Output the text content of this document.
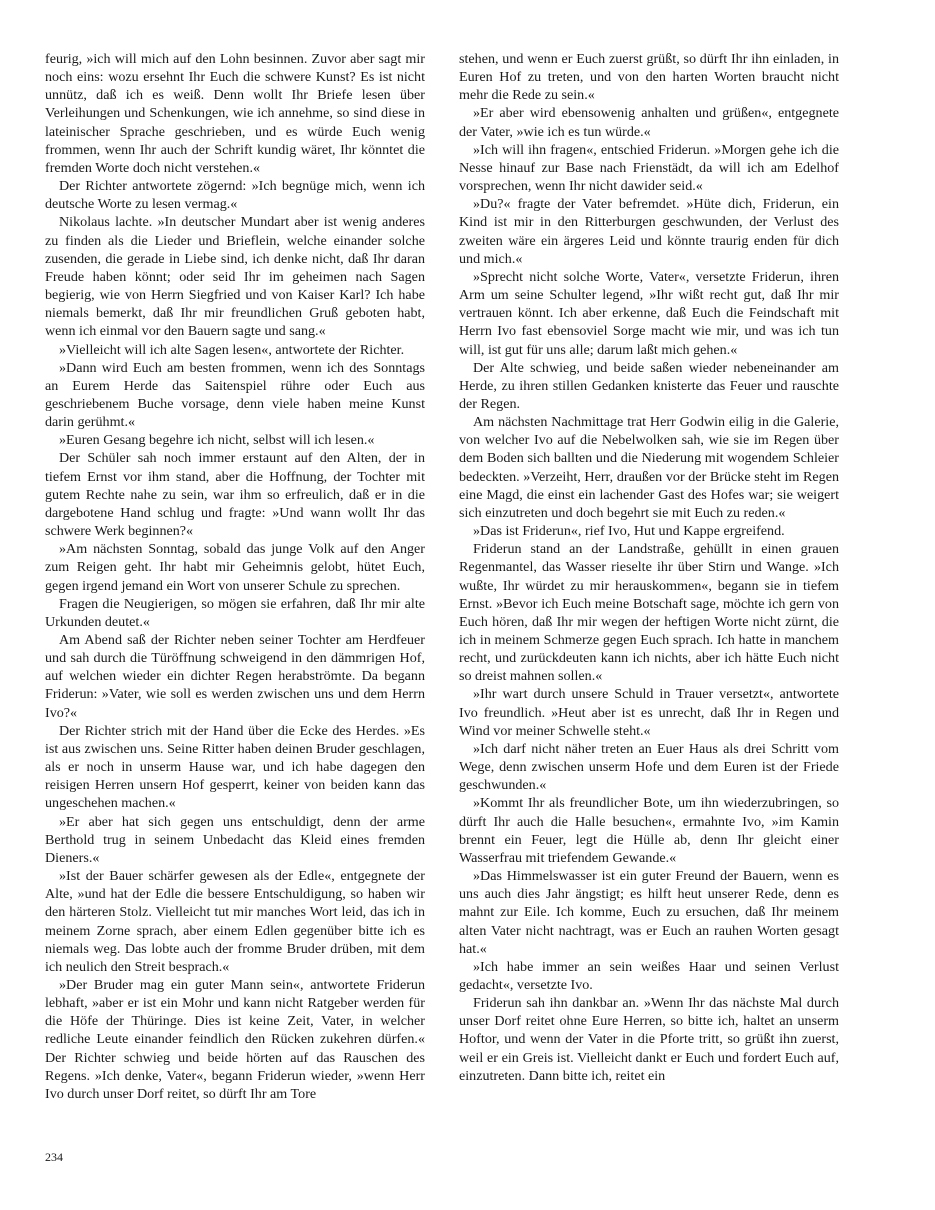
feurig, »ich will mich auf den Lohn besinnen. Zuvor aber sagt mir noch eins: wozu ersehnt Ihr Euch die schwere Kunst? Es ist nicht unnütz, daß ich es weiß. Denn wollt Ihr Briefe lesen über Verleihungen und Schenkungen, wie ich annehme, so sind diese in lateinischer Sprache geschrieben, und es würde Euch wenig frommen, wenn Ihr auch der Schrift kundig wäret, Ihr könntet die fremden Worte doch nicht verstehen.«

Der Richter antwortete zögernd: »Ich begnüge mich, wenn ich deutsche Worte zu lesen vermag.«

Nikolaus lachte. »In deutscher Mundart aber ist wenig anderes zu finden als die Lieder und Brieflein, welche einander solche zusenden, die gerade in Liebe sind, ich denke nicht, daß Ihr daran Freude haben könnt; oder seid Ihr im geheimen nach Sagen begierig, wie von Herrn Siegfried und von Kaiser Karl? Ich habe niemals bemerkt, daß Ihr mir freundlichen Gruß geboten habt, wenn ich einmal vor den Bauern sagte und sang.«

»Vielleicht will ich alte Sagen lesen«, antwortete der Richter.

»Dann wird Euch am besten frommen, wenn ich des Sonntags an Eurem Herde das Saitenspiel rühre oder Euch aus geschriebenem Buche vorsage, denn viele haben meine Kunst darin gerühmt.«

»Euren Gesang begehre ich nicht, selbst will ich lesen.«

Der Schüler sah noch immer erstaunt auf den Alten, der in tiefem Ernst vor ihm stand, aber die Hoffnung, der Tochter mit gutem Rechte nahe zu sein, war ihm so erfreulich, daß er in die dargebotene Hand schlug und fragte: »Und wann wollt Ihr das schwere Werk beginnen?«

»Am nächsten Sonntag, sobald das junge Volk auf den Anger zum Reigen geht. Ihr habt mir Geheimnis gelobt, hütet Euch, gegen irgend jemand ein Wort von unserer Schule zu sprechen.

Fragen die Neugierigen, so mögen sie erfahren, daß Ihr mir alte Urkunden deutet.«

Am Abend saß der Richter neben seiner Tochter am Herdfeuer und sah durch die Türöffnung schweigend in den dämmrigen Hof, auf welchen wieder ein dichter Regen herabströmte. Da begann Friderun: »Vater, wie soll es werden zwischen uns und dem Herrn Ivo?«

Der Richter strich mit der Hand über die Ecke des Herdes. »Es ist aus zwischen uns. Seine Ritter haben deinen Bruder geschlagen, als er noch in unserm Hause war, und ich habe dagegen den reisigen Herren unsern Hof gesperrt, keiner von beiden kann das ungeschehen machen.«

»Er aber hat sich gegen uns entschuldigt, denn der arme Berthold trug in seinem Unbedacht das Kleid eines fremden Dieners.«

»Ist der Bauer schärfer gewesen als der Edle«, entgegnete der Alte, »und hat der Edle die bessere Entschuldigung, so haben wir den härteren Stolz. Vielleicht tut mir manches Wort leid, das ich in meinem Zorne sprach, aber einem Edlen gegenüber bitte ich es niemals weg. Das lobte auch der fromme Bruder drüben, mit dem ich neulich den Streit besprach.«

»Der Bruder mag ein guter Mann sein«, antwortete Friderun lebhaft, »aber er ist ein Mohr und kann nicht Ratgeber werden für die Höfe der Thüringe. Dies ist keine Zeit, Vater, in welcher redliche Leute einander feindlich den Rücken zukehren dürfen.« Der Richter schwieg und beide hörten auf das Rauschen des Regens. »Ich denke, Vater«, begann Friderun wieder, »wenn Herr Ivo durch unser Dorf reitet, so dürft Ihr am Tore

stehen, und wenn er Euch zuerst grüßt, so dürft Ihr ihn einladen, in Euren Hof zu treten, und von den harten Worten braucht nicht mehr die Rede zu sein.«

»Er aber wird ebensowenig anhalten und grüßen«, entgegnete der Vater, »wie ich es tun würde.«

»Ich will ihn fragen«, entschied Friderun. »Morgen gehe ich die Nesse hinauf zur Base nach Frienstädt, da will ich am Edelhof vorsprechen, wenn Ihr nicht dawider seid.«

»Du?« fragte der Vater befremdet. »Hüte dich, Friderun, ein Kind ist mir in den Ritterburgen geschwunden, der Verlust des zweiten wäre ein ärgeres Leid und könnte traurig enden für dich und mich.«

»Sprecht nicht solche Worte, Vater«, versetzte Friderun, ihren Arm um seine Schulter legend, »Ihr wißt recht gut, daß Ihr mir vertrauen könnt. Ich aber erkenne, daß Euch die Feindschaft mit Herrn Ivo fast ebensoviel Sorge macht wie mir, und was ich tun will, ist gut für uns alle; darum laßt mich gehen.«

Der Alte schwieg, und beide saßen wieder nebeneinander am Herde, zu ihren stillen Gedanken knisterte das Feuer und rauschte der Regen.

Am nächsten Nachmittage trat Herr Godwin eilig in die Galerie, von welcher Ivo auf die Nebelwolken sah, wie sie im Regen über dem Boden sich ballten und die Niederung mit wogendem Schleier bedeckten. »Verzeiht, Herr, draußen vor der Brücke steht im Regen eine Magd, die einst ein lachender Gast des Hofes war; sie weigert sich einzutreten und doch begehrt sie mit Euch zu reden.«

»Das ist Friderun«, rief Ivo, Hut und Kappe ergreifend.

Friderun stand an der Landstraße, gehüllt in einen grauen Regenmantel, das Wasser rieselte ihr über Stirn und Wange. »Ich wußte, Ihr würdet zu mir herauskommen«, begann sie in tiefem Ernst. »Bevor ich Euch meine Botschaft sage, möchte ich gern von Euch hören, daß Ihr mir wegen der heftigen Worte nicht zürnt, die ich in meinem Schmerze gegen Euch sprach. Ich hatte in manchem recht, und zurückdeuten kann ich nichts, aber ich hätte Euch nicht so dreist mahnen sollen.«

»Ihr wart durch unsere Schuld in Trauer versetzt«, antwortete Ivo freundlich. »Heut aber ist es unrecht, daß Ihr in Regen und Wind vor meiner Schwelle steht.«

»Ich darf nicht näher treten an Euer Haus als drei Schritt vom Wege, denn zwischen unserm Hofe und dem Euren ist der Friede geschwunden.«

»Kommt Ihr als freundlicher Bote, um ihn wiederzubringen, so dürft Ihr auch die Halle besuchen«, ermahnte Ivo, »im Kamin brennt ein Feuer, legt die Hülle ab, denn Ihr gleicht einer Wasserfrau mit triefendem Gewande.«

»Das Himmelswasser ist ein guter Freund der Bauern, wenn es uns auch dies Jahr ängstigt; es hilft heut unserer Rede, denn es mahnt zur Eile. Ich komme, Euch zu ersuchen, daß Ihr meinem alten Vater nicht nachtragt, was er Euch an rauhen Worten gesagt hat.«

»Ich habe immer an sein weißes Haar und seinen Verlust gedacht«, versetzte Ivo.

Friderun sah ihn dankbar an. »Wenn Ihr das nächste Mal durch unser Dorf reitet ohne Eure Herren, so bitte ich, haltet an unserm Hoftor, und wenn der Vater in die Pforte tritt, so grüßt ihn zuerst, weil er ein Greis ist. Vielleicht dankt er Euch und fordert Euch auf, einzutreten. Dann bitte ich, reitet ein

234
